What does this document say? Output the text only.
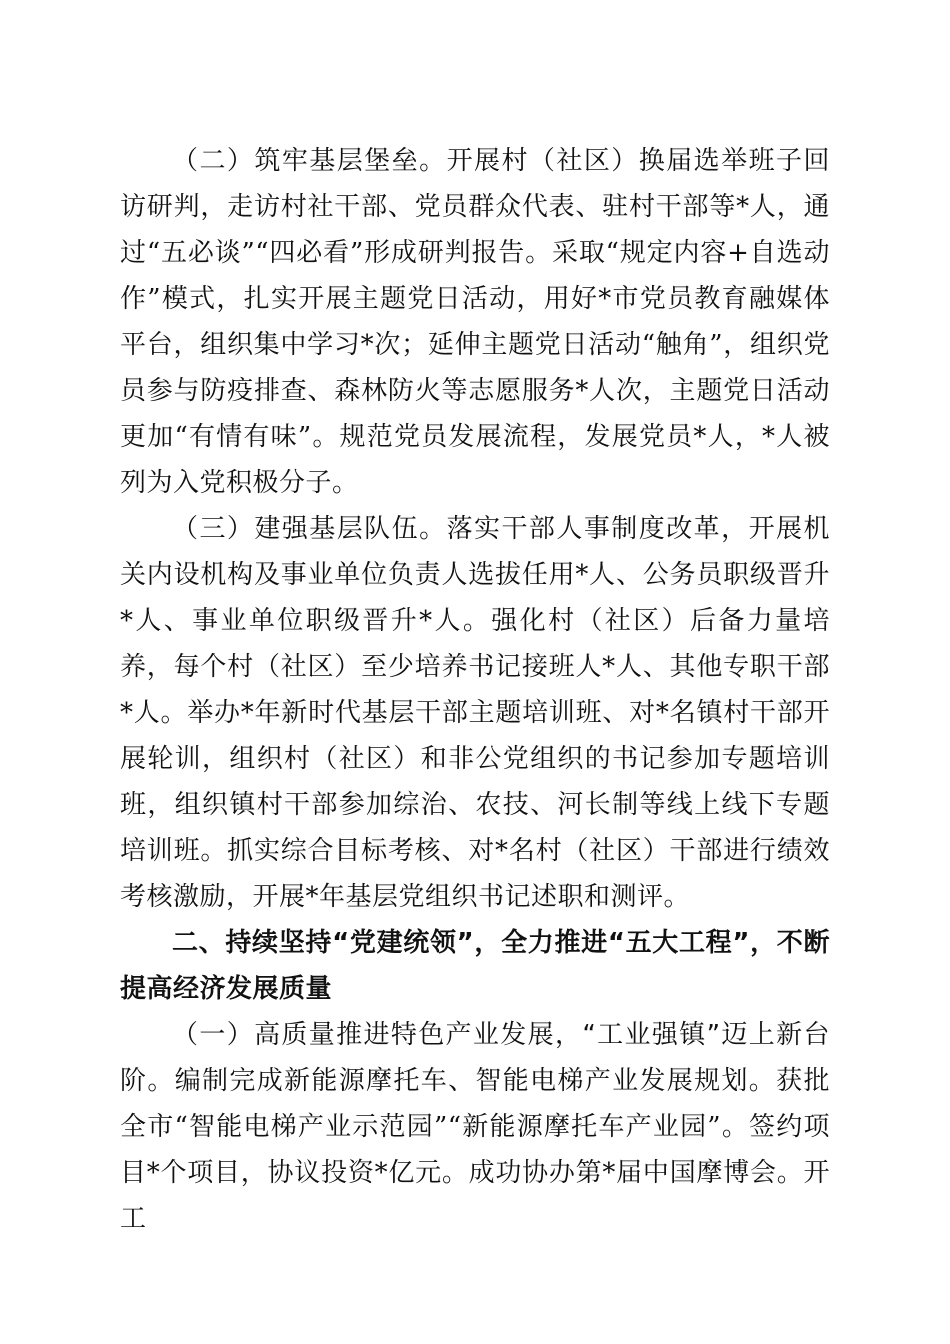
（二）筑牢基层堡垒。开展村（社区）换届选举班子回访研判，走访村社干部、党员群众代表、驻村干部等*人，通过“五必谈”“四必看”形成研判报告。采取“规定内容+自选动作”模式，扎实开展主题党日活动，用好*市党员教育融媒体平台，组织集中学习*次；延伸主题党日活动“触角”，组织党员参与防疫排查、森林防火等志愿服务*人次，主题党日活动更加“有情有味”。规范党员发展流程，发展党员*人，*人被列为入党积极分子。

（三）建强基层队伍。落实干部人事制度改革，开展机关内设机构及事业单位负责人选拔任用*人、公务员职级晋升*人、事业单位职级晋升*人。强化村（社区）后备力量培养，每个村（社区）至少培养书记接班人*人、其他专职干部*人。举办*年新时代基层干部主题培训班、对*名镇村干部开展轮训，组织村（社区）和非公党组织的书记参加专题培训班，组织镇村干部参加综治、农技、河长制等线上线下专题培训班。抓实综合目标考核、对*名村（社区）干部进行绩效考核激励，开展*年基层党组织书记述职和测评。

二、持续坚持“党建统领”，全力推进“五大工程”，不断提高经济发展质量

（一）高质量推进特色产业发展，“工业强镇”迈上新台阶。编制完成新能源摩托车、智能电梯产业发展规划。获批全市“智能电梯产业示范园”“新能源摩托车产业园”。签约项目*个项目，协议投资*亿元。成功协办第*届中国摩博会。开工
